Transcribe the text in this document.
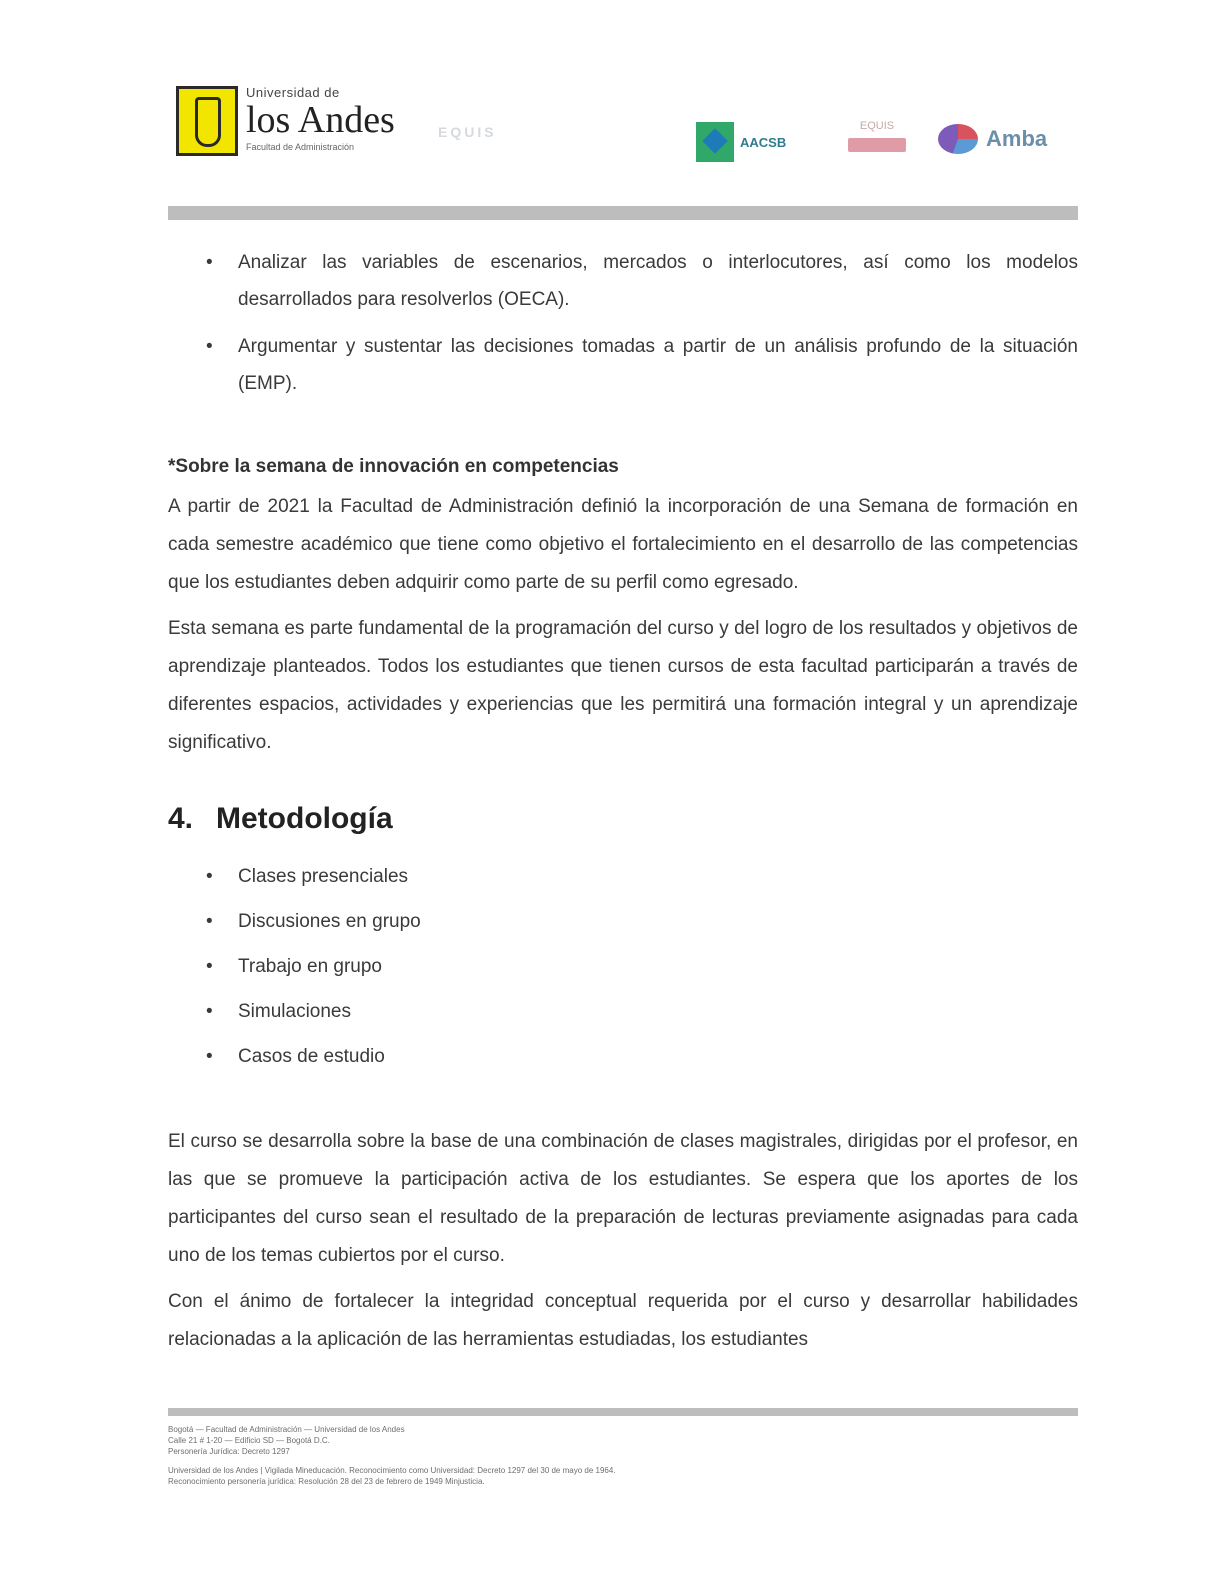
Universidad de
los Andes
Facultad de Administración
EQUIS
AACSB
EQUIS	Amba
• Analizar las variables de escenarios, mercados o interlocutores, así como los modelos desarrollados para resolverlos (OECA).
• Argumentar y sustentar las decisiones tomadas a partir de un análisis profundo de la situación (EMP).
*Sobre la semana de innovación en competencias

A partir de 2021 la Facultad de Administración definió la incorporación de una Semana de formación en cada semestre académico que tiene como objetivo el fortalecimiento en el desarrollo de las competencias que los estudiantes deben adquirir como parte de su perfil como egresado.

Esta semana es parte fundamental de la programación del curso y del logro de los resultados y objetivos de aprendizaje planteados. Todos los estudiantes que tienen cursos de esta facultad participarán a través de diferentes espacios, actividades y experiencias que les permitirá una formación integral y un aprendizaje significativo.

4. Metodología
• Clases presenciales
• Discusiones en grupo
• Trabajo en grupo
• Simulaciones
• Casos de estudio

El curso se desarrolla sobre la base de una combinación de clases magistrales, dirigidas por el profesor, en las que se promueve la participación activa de los estudiantes. Se espera que los aportes de los participantes del curso sean el resultado de la preparación de lecturas previamente asignadas para cada uno de los temas cubiertos por el curso.

Con el ánimo de fortalecer la integridad conceptual requerida por el curso y desarrollar habilidades relacionadas a la aplicación de las herramientas estudiadas, los estudiantes

Bogotá — Facultad de Administración — Universidad de los Andes

Calle 21 # 1-20 — Edificio SD — Bogotá D.C.

Personería Jurídica: Decreto 1297

Universidad de los Andes | Vigilada Mineducación. Reconocimiento como Universidad: Decreto 1297 del 30 de mayo de 1964.

Reconocimiento personería jurídica: Resolución 28 del 23 de febrero de 1949 Minjusticia.
